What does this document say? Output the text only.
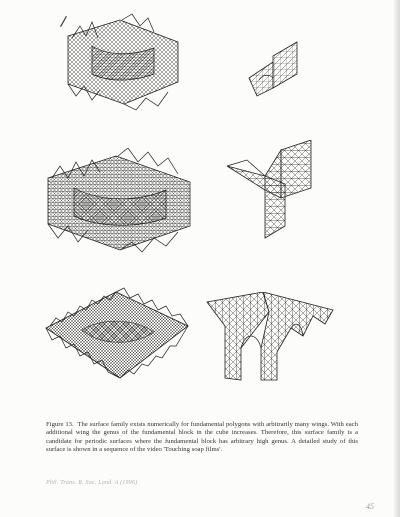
/

Figure 13. The surface family exists numerically for fundamental polygons with arbitrarily many wings. With each additional wing the genus of the fundamental block in the cube increases. Therefore, this surface family is a candidate for periodic surfaces where the fundamental block has arbitrary high genus. A detailed study of this surface is shown in a sequence of the video 'Touching soap films'.

Phil. Trans. R. Soc. Lond. A (1996)
45
